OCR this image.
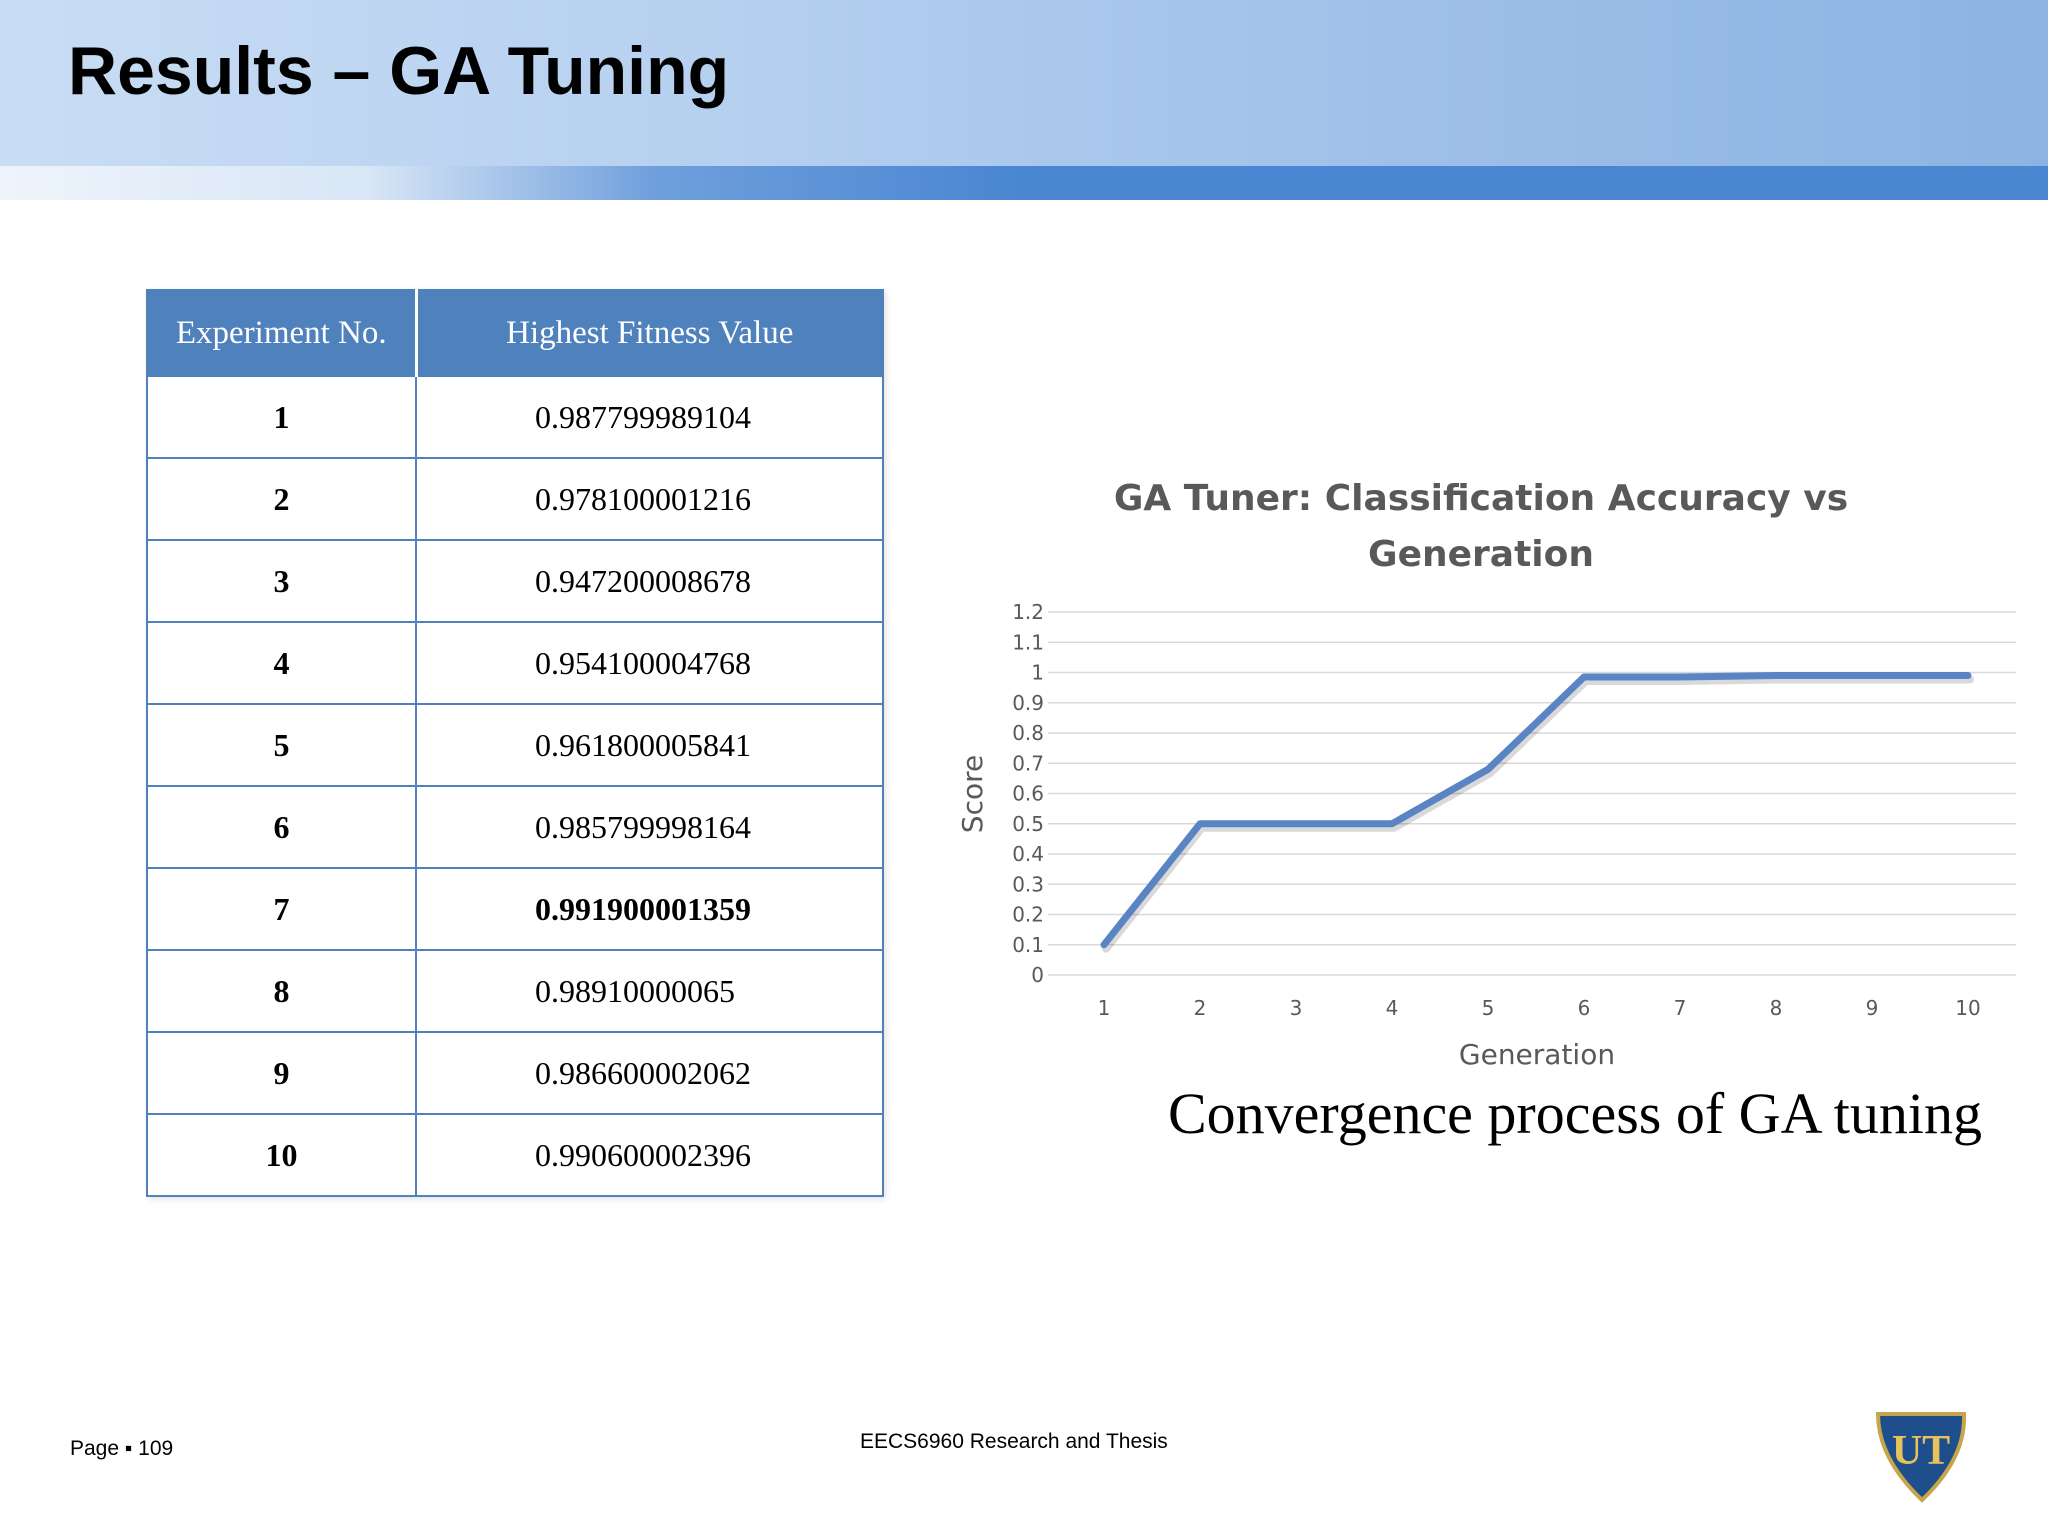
Results – GA Tuning
Experiment No.	Highest Fitness Value
1	0.987799989104
2	0.978100001216
3	0.947200008678
4	0.954100004768
5	0.961800005841
6	0.985799998164
7	0.991900001359
8	0.98910000065
9	0.986600002062
10	0.990600002396
GA Tuner: Classification Accuracy vs
Generation
0
0.1
0.2
0.3
0.4
0.5
0.6
0.7
0.8
0.9
1
1.1
1.2
1	2	3	4	5	6	7	8	9	10
Generation
Score

Convergence process of GA tuning

Page ▪ 109	EECS6960 Research and Thesis	UT
